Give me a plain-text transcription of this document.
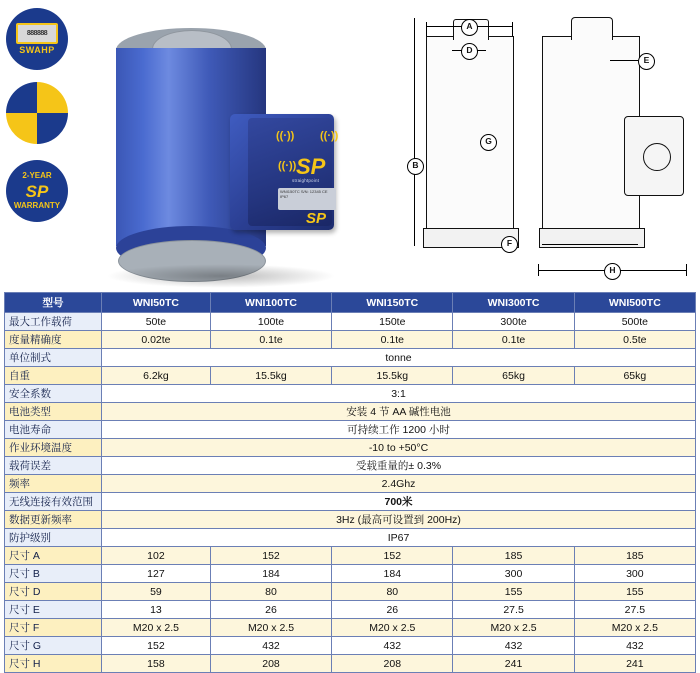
888888
SWAHP
2-YEAR
SP
WARRANTY
((·)) ((·))
((·)) SP
straightpoint
WNI150TC S/N: 12345 CE IP67
SP
A
D
E
B
G
F
H
型号	WNI50TC	WNI100TC	WNI150TC	WNI300TC	WNI500TC
最大工作载荷	50te	100te	150te	300te	500te
度量精确度	0.02te	0.1te	0.1te	0.1te	0.5te
单位制式	tonne				
自重	6.2kg	15.5kg	15.5kg	65kg	65kg
安全系数	3:1				
电池类型	安装 4 节 AA 碱性电池				
电池寿命	可持续工作 1200 小时				
作业环境温度	-10 to +50°C				
载荷误差	受载重量的± 0.3%				
频率	2.4Ghz				
无线连接有效范围	700米				
数据更新频率	3Hz (最高可设置到 200Hz)				
防护级别	IP67				
尺寸 A	102	152	152	185	185
尺寸 B	127	184	184	300	300
尺寸 D	59	80	80	155	155
尺寸 E	13	26	26	27.5	27.5
尺寸 F	M20 x 2.5	M20 x 2.5	M20 x 2.5	M20 x 2.5	M20 x 2.5
尺寸 G	152	432	432	432	432
尺寸 H	158	208	208	241	241
